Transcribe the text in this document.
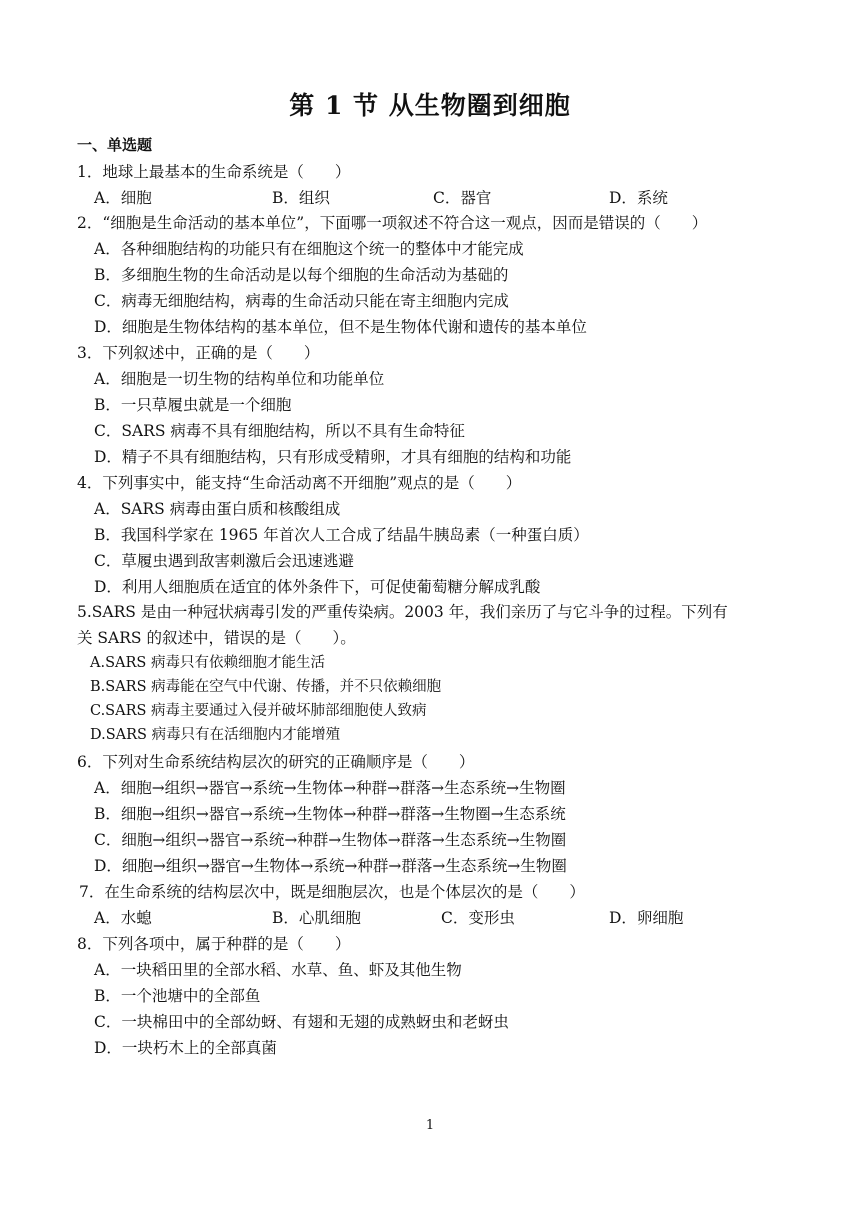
第 1 节 从生物圈到细胞
一、单选题
1．地球上最基本的生命系统是（　　）
A．细胞	B．组织	C．器官	D．系统
2．“细胞是生命活动的基本单位”，下面哪一项叙述不符合这一观点，因而是错误的（　　）
A．各种细胞结构的功能只有在细胞这个统一的整体中才能完成
B．多细胞生物的生命活动是以每个细胞的生命活动为基础的
C．病毒无细胞结构，病毒的生命活动只能在寄主细胞内完成
D．细胞是生物体结构的基本单位，但不是生物体代谢和遗传的基本单位
3．下列叙述中，正确的是（　　）
A．细胞是一切生物的结构单位和功能单位
B．一只草履虫就是一个细胞
C．SARS 病毒不具有细胞结构，所以不具有生命特征
D．精子不具有细胞结构，只有形成受精卵，才具有细胞的结构和功能
4．下列事实中，能支持“生命活动离不开细胞”观点的是（　　）
A．SARS 病毒由蛋白质和核酸组成
B．我国科学家在 1965 年首次人工合成了结晶牛胰岛素（一种蛋白质）
C．草履虫遇到敌害刺激后会迅速逃避
D．利用人细胞质在适宜的体外条件下，可促使葡萄糖分解成乳酸
5.SARS 是由一种冠状病毒引发的严重传染病。2003 年，我们亲历了与它斗争的过程。下列有
关 SARS 的叙述中，错误的是（　　）。
A.SARS 病毒只有依赖细胞才能生活
B.SARS 病毒能在空气中代谢、传播，并不只依赖细胞
C.SARS 病毒主要通过入侵并破坏肺部细胞使人致病
D.SARS 病毒只有在活细胞内才能增殖
6．下列对生命系统结构层次的研究的正确顺序是（　　）
A．细胞→组织→器官→系统→生物体→种群→群落→生态系统→生物圈
B．细胞→组织→器官→系统→生物体→种群→群落→生物圈→生态系统
C．细胞→组织→器官→系统→种群→生物体→群落→生态系统→生物圈
D．细胞→组织→器官→生物体→系统→种群→群落→生态系统→生物圈
7．在生命系统的结构层次中，既是细胞层次，也是个体层次的是（　　）
A．水螅	B．心肌细胞	C．变形虫	D．卵细胞
8．下列各项中，属于种群的是（　　）
A．一块稻田里的全部水稻、水草、鱼、虾及其他生物
B．一个池塘中的全部鱼
C．一块棉田中的全部幼蚜、有翅和无翅的成熟蚜虫和老蚜虫
D．一块朽木上的全部真菌
1
